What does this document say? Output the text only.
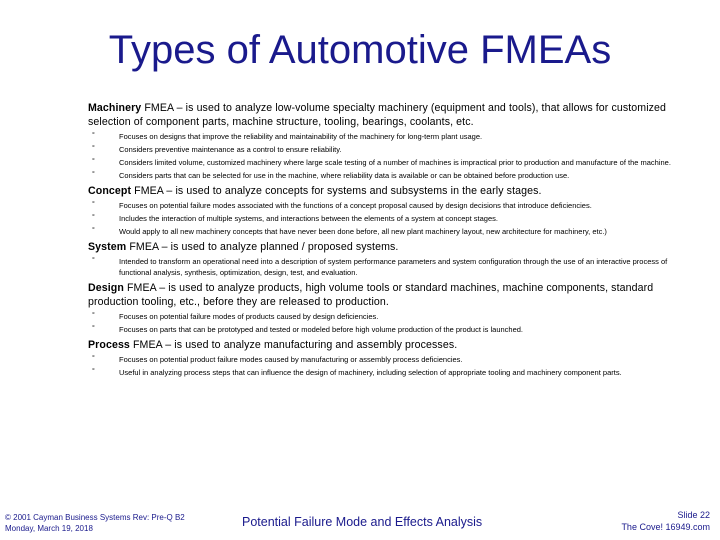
Types of Automotive FMEAs
Machinery FMEA – is used to analyze low-volume specialty machinery (equipment and tools), that allows for customized selection of component parts, machine structure, tooling, bearings, coolants, etc.
°	Focuses on designs that improve the reliability and maintainability of the machinery for long-term plant usage.
°	Considers preventive maintenance as a control to ensure reliability.
°	Considers limited volume, customized machinery where large scale testing of a number of machines is impractical prior to production and manufacture of the machine.
°	Considers parts that can be selected for use in the machine, where reliability data is available or can be obtained before production use.
Concept FMEA – is used to analyze concepts for systems and subsystems in the early stages.
°	Focuses on potential failure modes associated with the functions of a concept proposal caused by design decisions that introduce deficiencies.
°	Includes the interaction of multiple systems, and interactions between the elements of a system at concept stages.
°	Would apply to all new machinery concepts that have never been done before, all new plant machinery layout, new architecture for machinery, etc.)
System FMEA – is used to analyze planned / proposed systems.
°	Intended to transform an operational need into a description of system performance parameters and system configuration through the use of an interactive process of functional analysis, synthesis, optimization, design, test, and evaluation.
Design FMEA – is used to analyze products, high volume tools or standard machines, machine components, standard production tooling, etc., before they are released to production.
°	Focuses on potential failure modes of products caused by design deficiencies.
°	Focuses on parts that can be prototyped and tested or modeled before high volume production of the product is launched.
Process FMEA – is used to analyze manufacturing and assembly processes.
°	Focuses on potential product failure modes caused by manufacturing or assembly process deficiencies.
°	Useful in analyzing process steps that can influence the design of machinery, including selection of appropriate tooling and machinery component parts.
© 2001 Cayman Business Systems Rev: Pre-Q B2
Monday, March 19, 2018	Potential Failure Mode and Effects Analysis	Slide 22
The Cove! 16949.com
